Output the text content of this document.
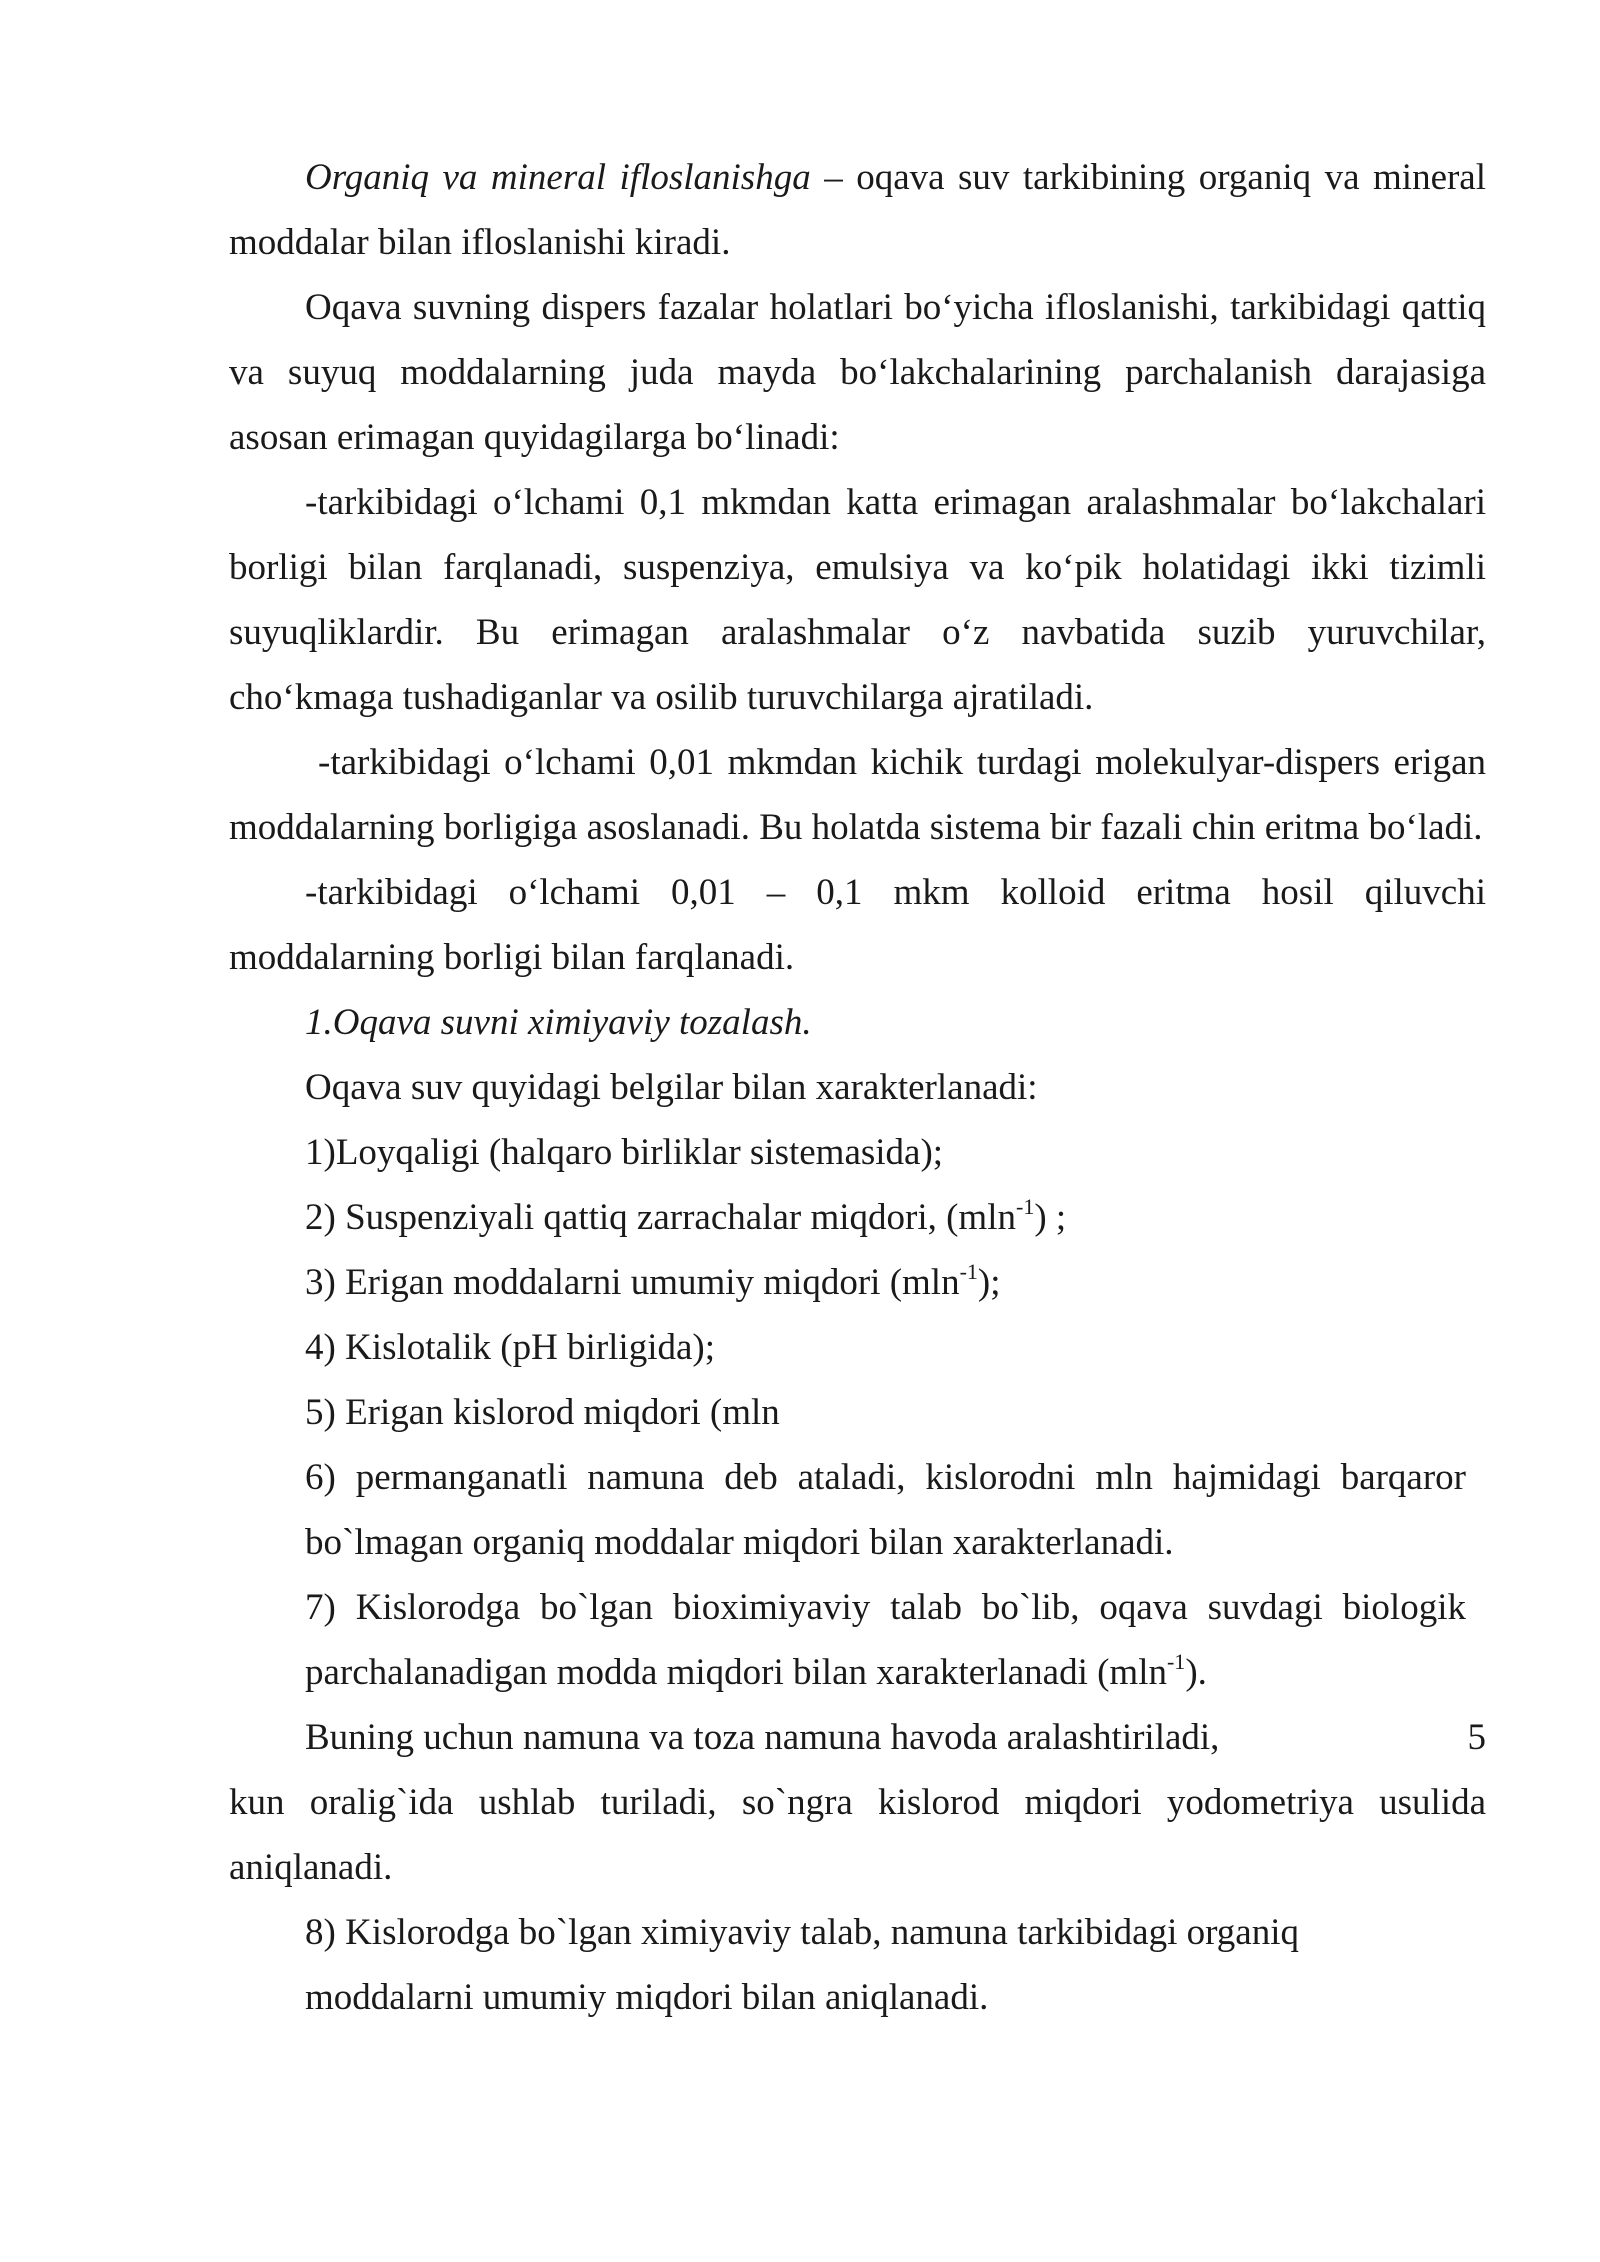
Organiq va mineral ifloslanishga – oqava suv tarkibining organiq va mineral moddalar bilan ifloslanishi kiradi.

Oqava suvning dispers fazalar holatlari bo‘yicha ifloslanishi, tarkibidagi qattiq va suyuq moddalarning juda mayda bo‘lakchalarining parchalanish darajasiga asosan erimagan quyidagilarga bo‘linadi:

-tarkibidagi o‘lchami 0,1 mkmdan katta erimagan aralashmalar bo‘lakchalari borligi bilan farqlanadi, suspenziya, emulsiya va ko‘pik holatidagi ikki tizimli suyuqliklardir. Bu erimagan aralashmalar o‘z navbatida suzib yuruvchilar, cho‘kmaga tushadiganlar va osilib turuvchilarga ajratiladi.

-tarkibidagi o‘lchami 0,01 mkmdan kichik turdagi molekulyar-dispers erigan moddalarning borligiga asoslanadi. Bu holatda sistema bir fazali chin eritma bo‘ladi.

-tarkibidagi o‘lchami 0,01 – 0,1 mkm kolloid eritma hosil qiluvchi moddalarning borligi bilan farqlanadi.

1.Oqava suvni ximiyaviy tozalash.

Oqava suv quyidagi belgilar bilan xarakterlanadi:

1)Loyqaligi (halqaro birliklar sistemasida);

2) Suspenziyali qattiq zarrachalar miqdori, (mln$^{-1}$) ;

3) Erigan moddalarni umumiy miqdori (mln$^{-1}$);

4) Kislotalik (pH birligida);

5) Erigan kislorod miqdori (mln

6) permanganatli namuna deb ataladi, kislorodni mln hajmidagi barqaror bo`lmagan organiq moddalar miqdori bilan xarakterlanadi.

7) Kislorodga bo`lgan bioximiyaviy talab bo`lib, oqava suvdagi biologik parchalanadigan modda miqdori bilan xarakterlanadi (mln$^{-1}$).

Buning uchun namuna va toza namuna havoda aralashtiriladi,	5

kun oralig`ida ushlab turiladi, so`ngra kislorod miqdori yodometriya usulida aniqlanadi.

8) Kislorodga bo`lgan ximiyaviy talab, namuna tarkibidagi organiq moddalarni umumiy miqdori bilan aniqlanadi.
